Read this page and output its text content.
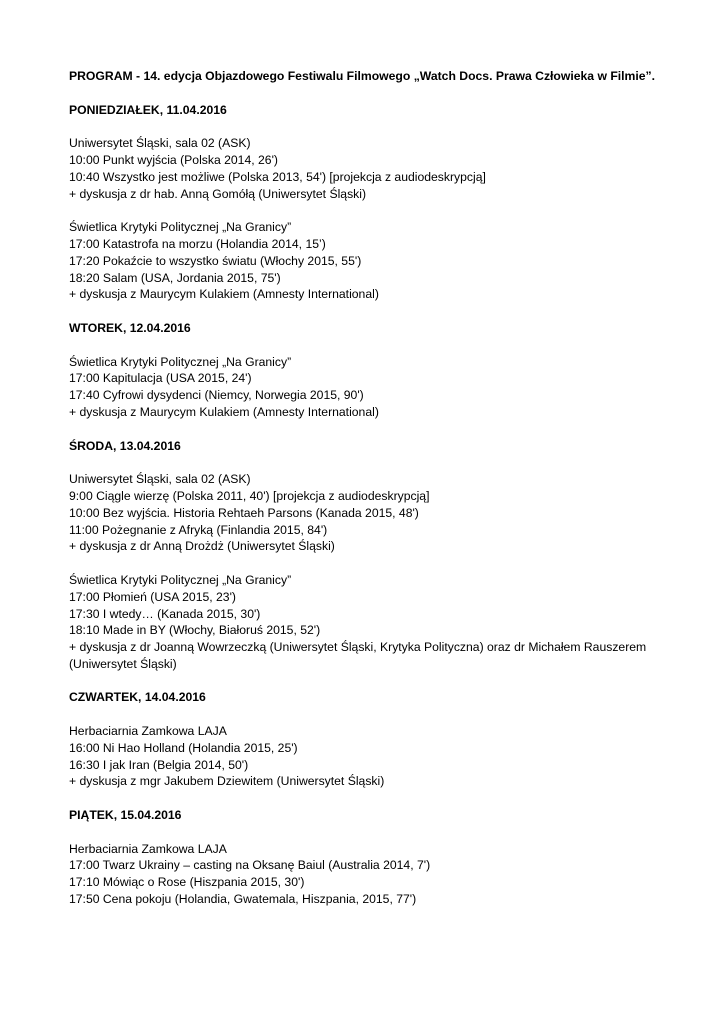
PROGRAM - 14. edycja Objazdowego Festiwalu Filmowego „Watch Docs. Prawa Człowieka w Filmie”.

PONIEDZIAŁEK, 11.04.2016
Uniwersytet Śląski, sala 02 (ASK)
10:00 Punkt wyjścia (Polska 2014, 26')
10:40 Wszystko jest możliwe (Polska 2013, 54') [projekcja z audiodeskrypcją]
+ dyskusja z dr hab. Anną Gomółą (Uniwersytet Śląski)
Świetlica Krytyki Politycznej „Na Granicy”
17:00 Katastrofa na morzu (Holandia 2014, 15’)
17:20 Pokaźcie to wszystko światu (Włochy 2015, 55')
18:20 Salam (USA, Jordania 2015, 75')
+ dyskusja z Maurycym Kulakiem (Amnesty International)
WTOREK, 12.04.2016
Świetlica Krytyki Politycznej „Na Granicy”
17:00 Kapitulacja (USA 2015, 24')
17:40 Cyfrowi dysydenci (Niemcy, Norwegia 2015, 90')
+ dyskusja z Maurycym Kulakiem (Amnesty International)
ŚRODA, 13.04.2016
Uniwersytet Śląski, sala 02 (ASK)
9:00 Ciągle wierzę (Polska 2011, 40') [projekcja z audiodeskrypcją]
10:00 Bez wyjścia. Historia Rehtaeh Parsons (Kanada 2015, 48')
11:00 Pożegnanie z Afryką (Finlandia 2015, 84')
+ dyskusja z dr Anną Drożdż (Uniwersytet Śląski)
Świetlica Krytyki Politycznej „Na Granicy”
17:00 Płomień (USA 2015, 23')
17:30 I wtedy… (Kanada 2015, 30')
18:10 Made in BY (Włochy, Białoruś 2015, 52')
+ dyskusja z dr Joanną Wowrzeczką (Uniwersytet Śląski, Krytyka Polityczna) oraz dr Michałem Rauszerem (Uniwersytet Śląski)
CZWARTEK, 14.04.2016
Herbaciarnia Zamkowa LAJA
16:00 Ni Hao Holland (Holandia 2015, 25')
16:30 I jak Iran (Belgia 2014, 50')
+ dyskusja z mgr Jakubem Dziewitem (Uniwersytet Śląski)
PIĄTEK, 15.04.2016
Herbaciarnia Zamkowa LAJA
17:00 Twarz Ukrainy – casting na Oksanę Baiul (Australia 2014, 7')
17:10 Mówiąc o Rose (Hiszpania 2015, 30')
17:50 Cena pokoju (Holandia, Gwatemala, Hiszpania, 2015, 77')
